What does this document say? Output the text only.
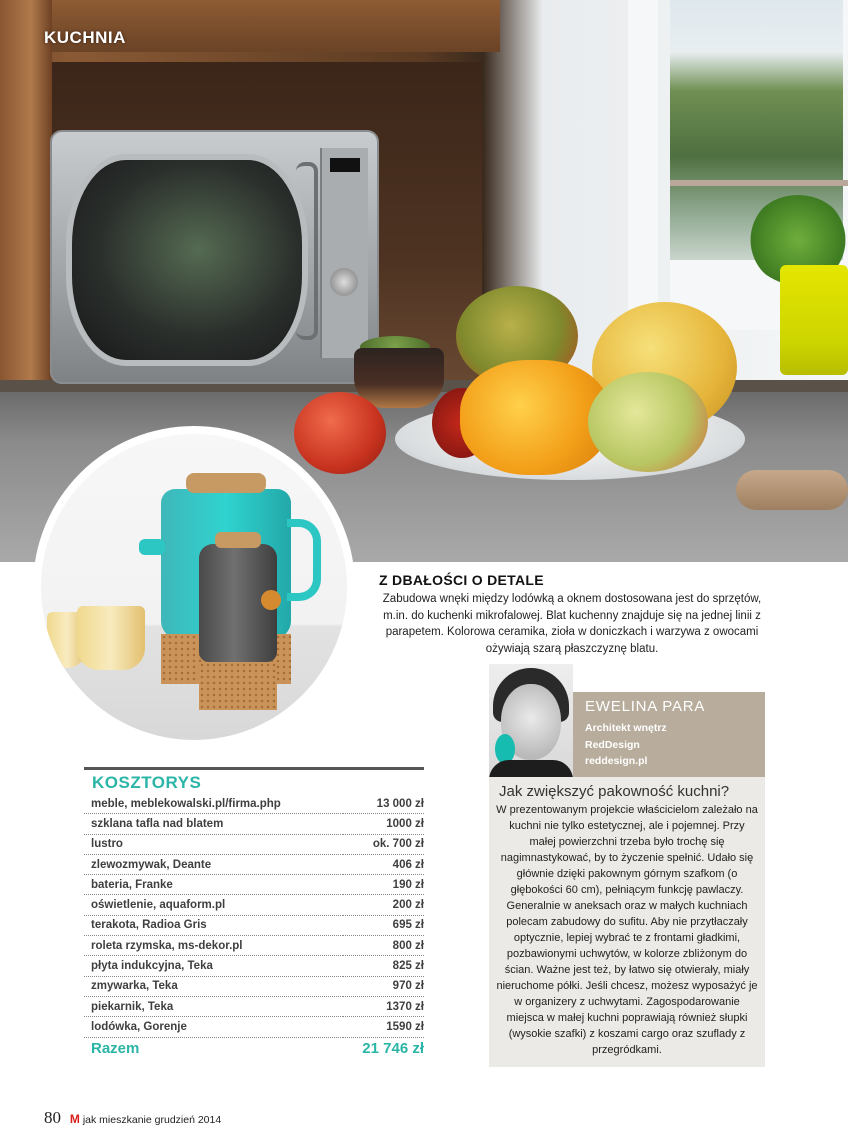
KUCHNIA
Z DBAŁOŚCI O DETALE

Zabudowa wnęki między lodówką a oknem dostosowana jest do sprzętów, m.in. do kuchenki mikrofalowej. Blat kuchenny znajduje się na jednej linii z parapetem. Kolorowa ceramika, zioła w doniczkach i warzywa z owocami ożywiają szarą płaszczyznę blatu.

EWELINA PARA
Architekt wnętrz
RedDesign
reddesign.pl
Jak zwiększyć pakowność kuchni?

W prezentowanym projekcie właścicielom zależało na kuchni nie tylko estetycznej, ale i pojemnej. Przy małej powierzchni trzeba było trochę się nagimnastykować, by to życzenie spełnić. Udało się głównie dzięki pakownym górnym szafkom (o głębokości 60 cm), pełniącym funkcję pawlaczy. Generalnie w aneksach oraz w małych kuchniach polecam zabudowy do sufitu. Aby nie przytłaczały optycznie, lepiej wybrać te z frontami gładkimi, pozbawionymi uchwytów, w kolorze zbliżonym do ścian. Ważne jest też, by łatwo się otwierały, miały nieruchome półki. Jeśli chcesz, możesz wyposażyć je w organizery z uchwytami. Zagospodarowanie miejsca w małej kuchni poprawiają również słupki (wysokie szafki) z koszami cargo oraz szuflady z przegródkami.

KOSZTORYS
meble, meblekowalski.pl/firma.php	13 000 zł
szklana tafla nad blatem	1000 zł
lustro	ok. 700 zł
zlewozmywak, Deante	406 zł
bateria, Franke	190 zł
oświetlenie, aquaform.pl	200 zł
terakota, Radioa Gris	695 zł
roleta rzymska, ms-dekor.pl	800 zł
płyta indukcyjna, Teka	825 zł
zmywarka, Teka	970 zł
piekarnik, Teka	1370 zł
lodówka, Gorenje	1590 zł
Razem	21 746 zł
80 M jak mieszkanie grudzień 2014
